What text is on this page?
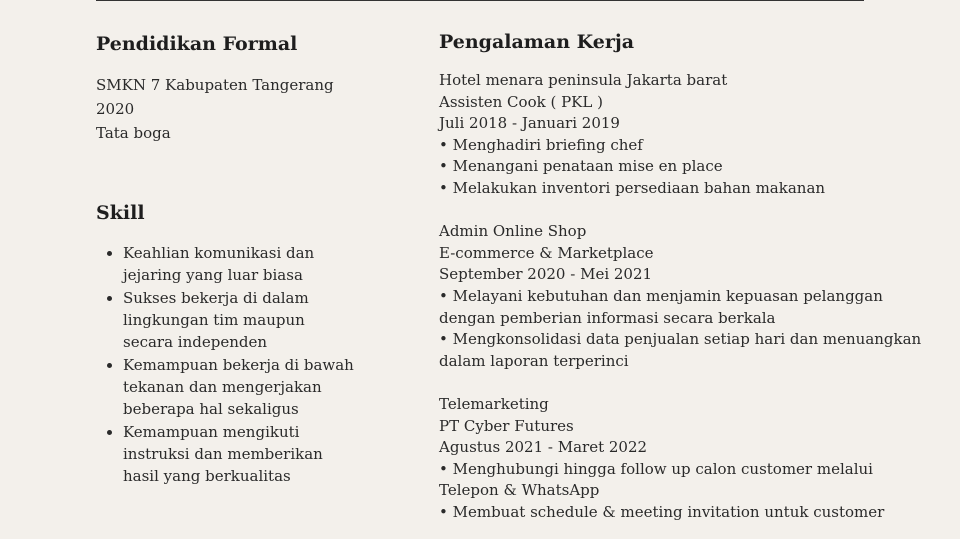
Pendidikan Formal
SMKN 7 Kabupaten Tangerang
2020
Tata boga
Skill
• Keahlian komunikasi dan
jejaring yang luar biasa
• Sukses bekerja di dalam
lingkungan tim maupun
secara independen
• Kemampuan bekerja di bawah
tekanan dan mengerjakan
beberapa hal sekaligus
• Kemampuan mengikuti
instruksi dan memberikan
hasil yang berkualitas
Pengalaman Kerja
Hotel menara peninsula Jakarta barat
Assisten Cook ( PKL )
Juli 2018 - Januari 2019
• Menghadiri briefing chef
• Menangani penataan mise en place
• Melakukan inventori persediaan bahan makanan
Admin Online Shop
E-commerce & Marketplace
September 2020 - Mei 2021
• Melayani kebutuhan dan menjamin kepuasan pelanggan
dengan pemberian informasi secara berkala
• Mengkonsolidasi data penjualan setiap hari dan menuangkan
dalam laporan terperinci
Telemarketing
PT Cyber Futures
Agustus 2021 - Maret 2022
• Menghubungi hingga follow up calon customer melalui
Telepon & WhatsApp
• Membuat schedule & meeting invitation untuk customer
